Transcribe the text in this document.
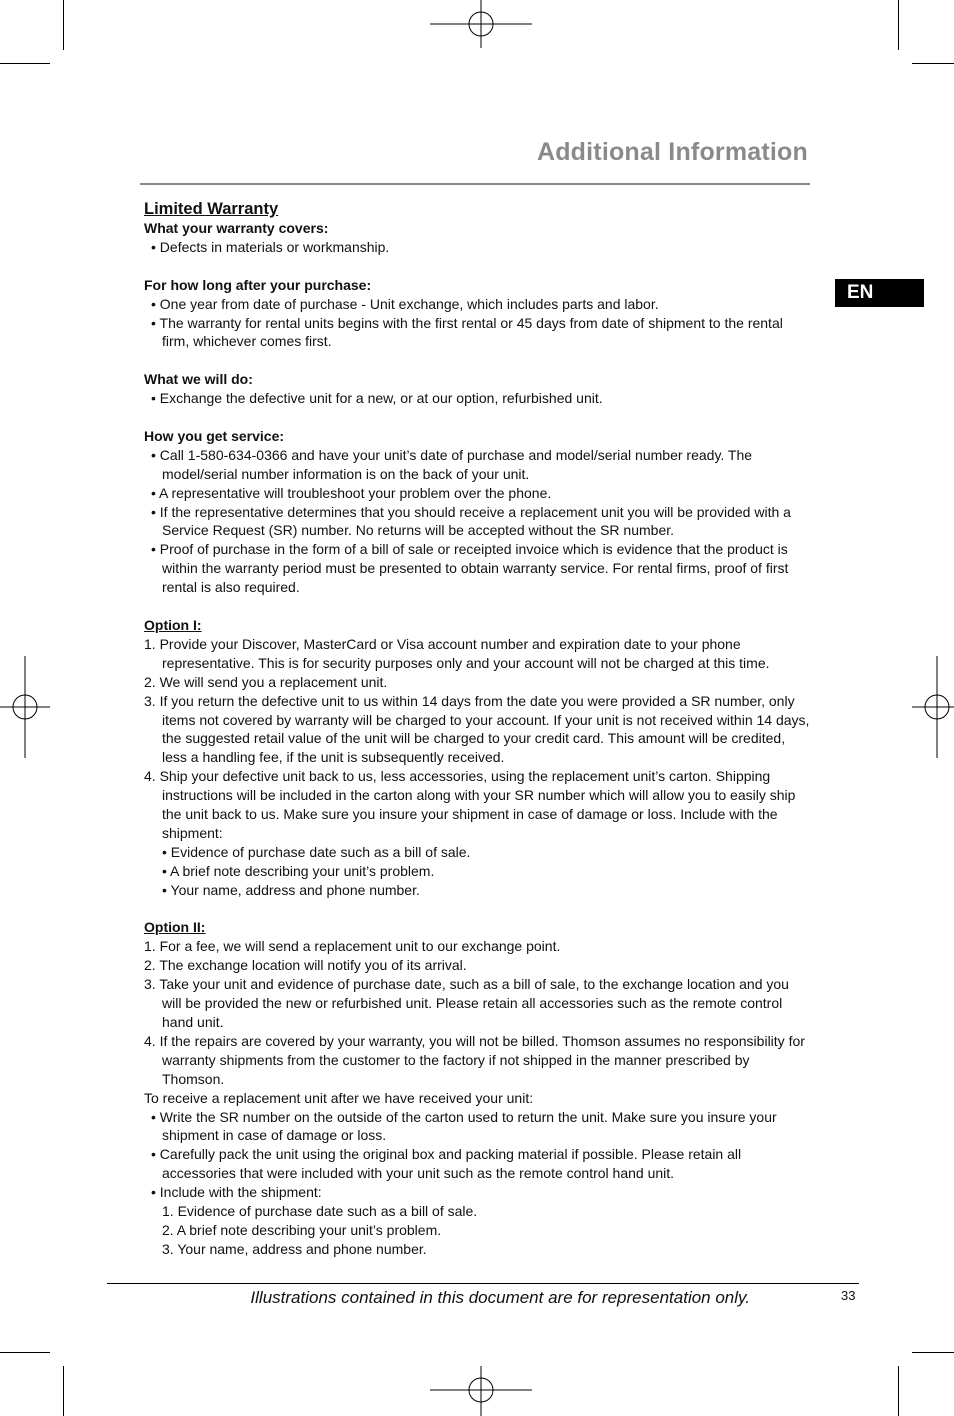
Additional Information
EN

Limited Warranty

What your warranty covers:

• Defects in materials or workmanship.

For how long after your purchase:

• One year from date of purchase - Unit exchange, which includes parts and labor.

• The warranty for rental units begins with the first rental or 45 days from date of shipment to the rental firm, whichever comes first.

What we will do:

• Exchange the defective unit for a new, or at our option, refurbished unit.

How you get service:

• Call 1-580-634-0366 and have your unit’s date of purchase and model/serial number ready. The model/serial number information is on the back of your unit.

• A representative will troubleshoot your problem over the phone.

• If the representative determines that you should receive a replacement unit you will be provided with a Service Request (SR) number. No returns will be accepted without the SR number.

• Proof of purchase in the form of a bill of sale or receipted invoice which is evidence that the product is within the warranty period must be presented to obtain warranty service. For rental firms, proof of first rental is also required.

Option I:

1. Provide your Discover, MasterCard or Visa account number and expiration date to your phone representative. This is for security purposes only and your account will not be charged at this time.

2. We will send you a replacement unit.

3. If you return the defective unit to us within 14 days from the date you were provided a SR number, only items not covered by warranty will be charged to your account. If your unit is not received within 14 days, the suggested retail value of the unit will be charged to your credit card. This amount will be credited, less a handling fee, if the unit is subsequently received.

4. Ship your defective unit back to us, less accessories, using the replacement unit’s carton. Shipping instructions will be included in the carton along with your SR number which will allow you to easily ship the unit back to us. Make sure you insure your shipment in case of damage or loss. Include with the shipment:

• Evidence of purchase date such as a bill of sale.

• A brief note describing your unit’s problem.

• Your name, address and phone number.

Option II:

1. For a fee, we will send a replacement unit to our exchange point.

2. The exchange location will notify you of its arrival.

3. Take your unit and evidence of purchase date, such as a bill of sale, to the exchange location and you will be provided the new or refurbished unit. Please retain all accessories such as the remote control hand unit.

4. If the repairs are covered by your warranty, you will not be billed. Thomson assumes no responsibility for warranty shipments from the customer to the factory if not shipped in the manner prescribed by Thomson.

To receive a replacement unit after we have received your unit:

• Write the SR number on the outside of the carton used to return the unit. Make sure you insure your shipment in case of damage or loss.

• Carefully pack the unit using the original box and packing material if possible. Please retain all accessories that were included with your unit such as the remote control hand unit.

• Include with the shipment:

1. Evidence of purchase date such as a bill of sale.

2. A brief note describing your unit’s problem.

3. Your name, address and phone number.

Illustrations contained in this document are for representation only.	33
